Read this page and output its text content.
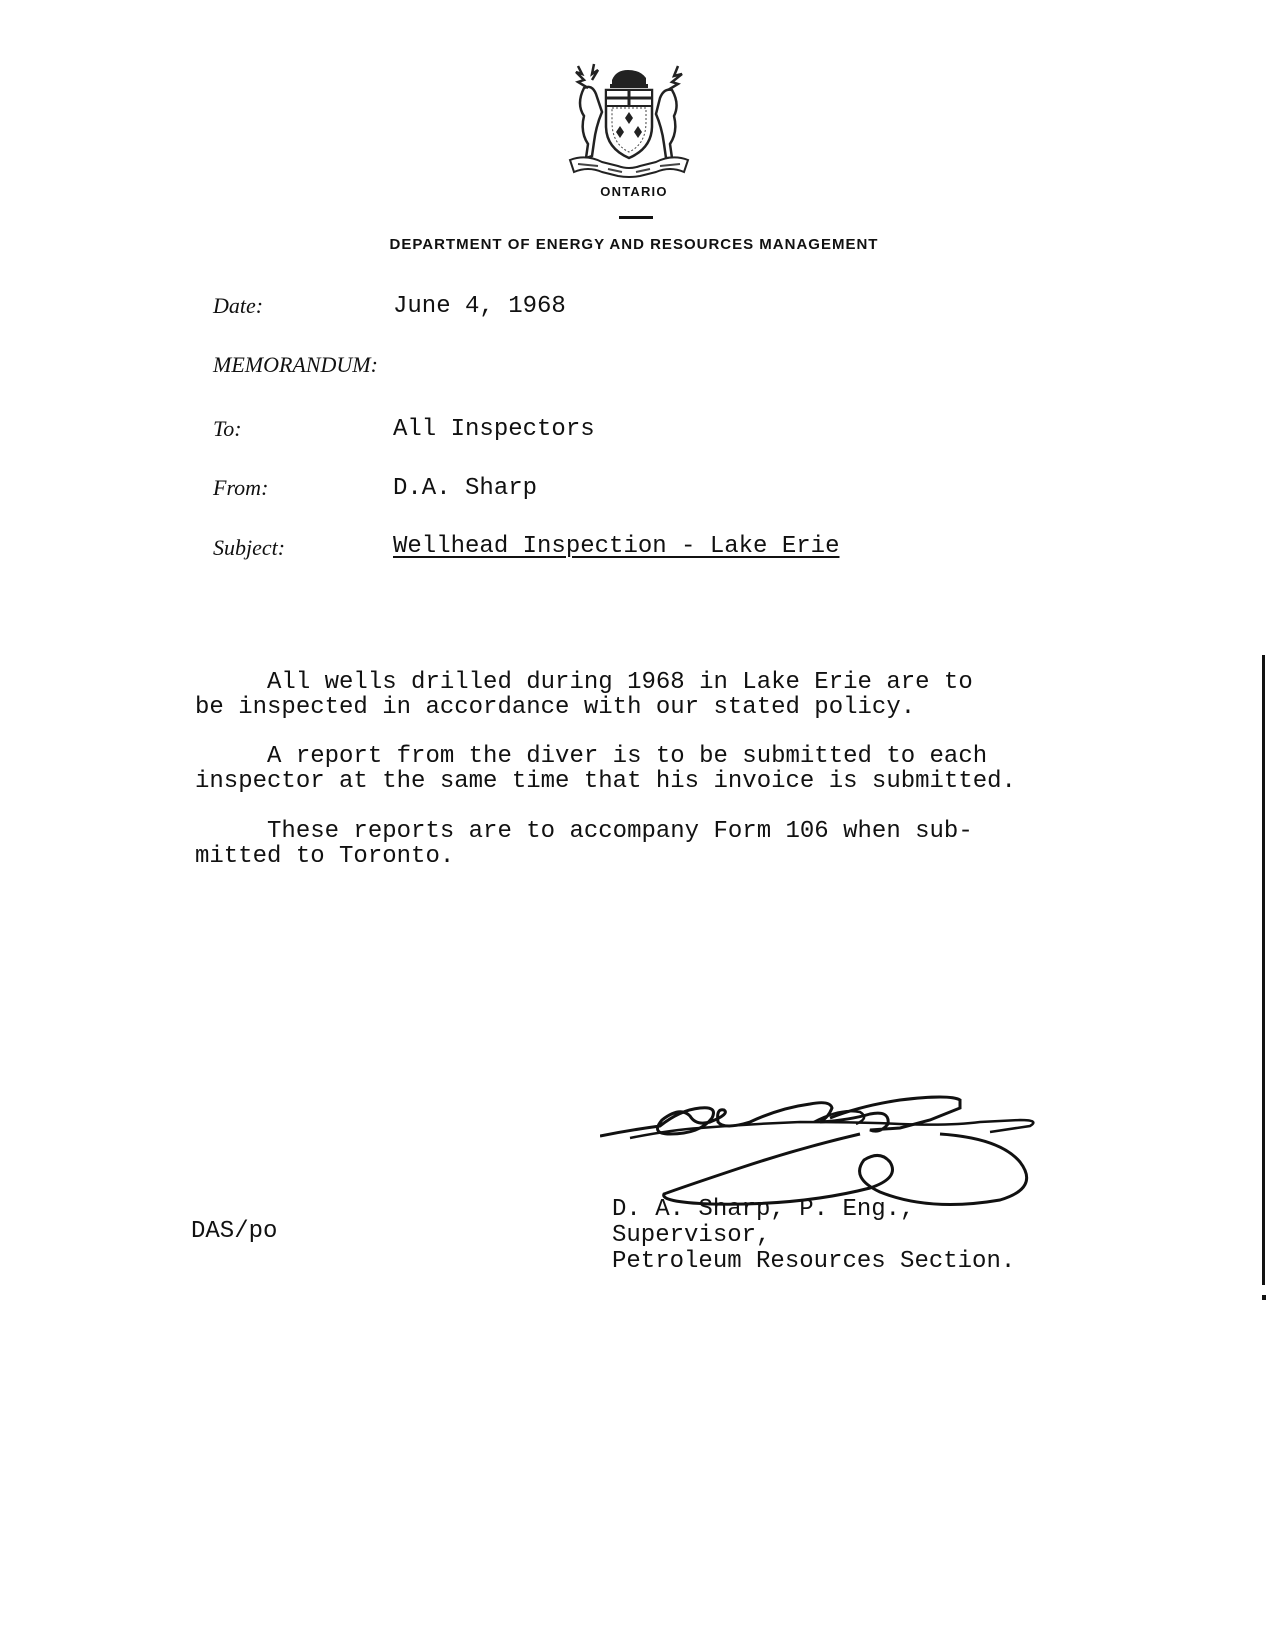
ONTARIO
DEPARTMENT OF ENERGY AND RESOURCES MANAGEMENT
Date:	June 4, 1968
MEMORANDUM:
To:	All Inspectors
From:	D.A. Sharp
Subject:	Wellhead Inspection - Lake Erie
All wells drilled during 1968 in Lake Erie are to
be inspected in accordance with our stated policy.
A report from the diver is to be submitted to each
inspector at the same time that his invoice is submitted.
These reports are to accompany Form 106 when sub-
mitted to Toronto.
D. A. Sharp, P. Eng.,
Supervisor,
Petroleum Resources Section.
DAS/po
